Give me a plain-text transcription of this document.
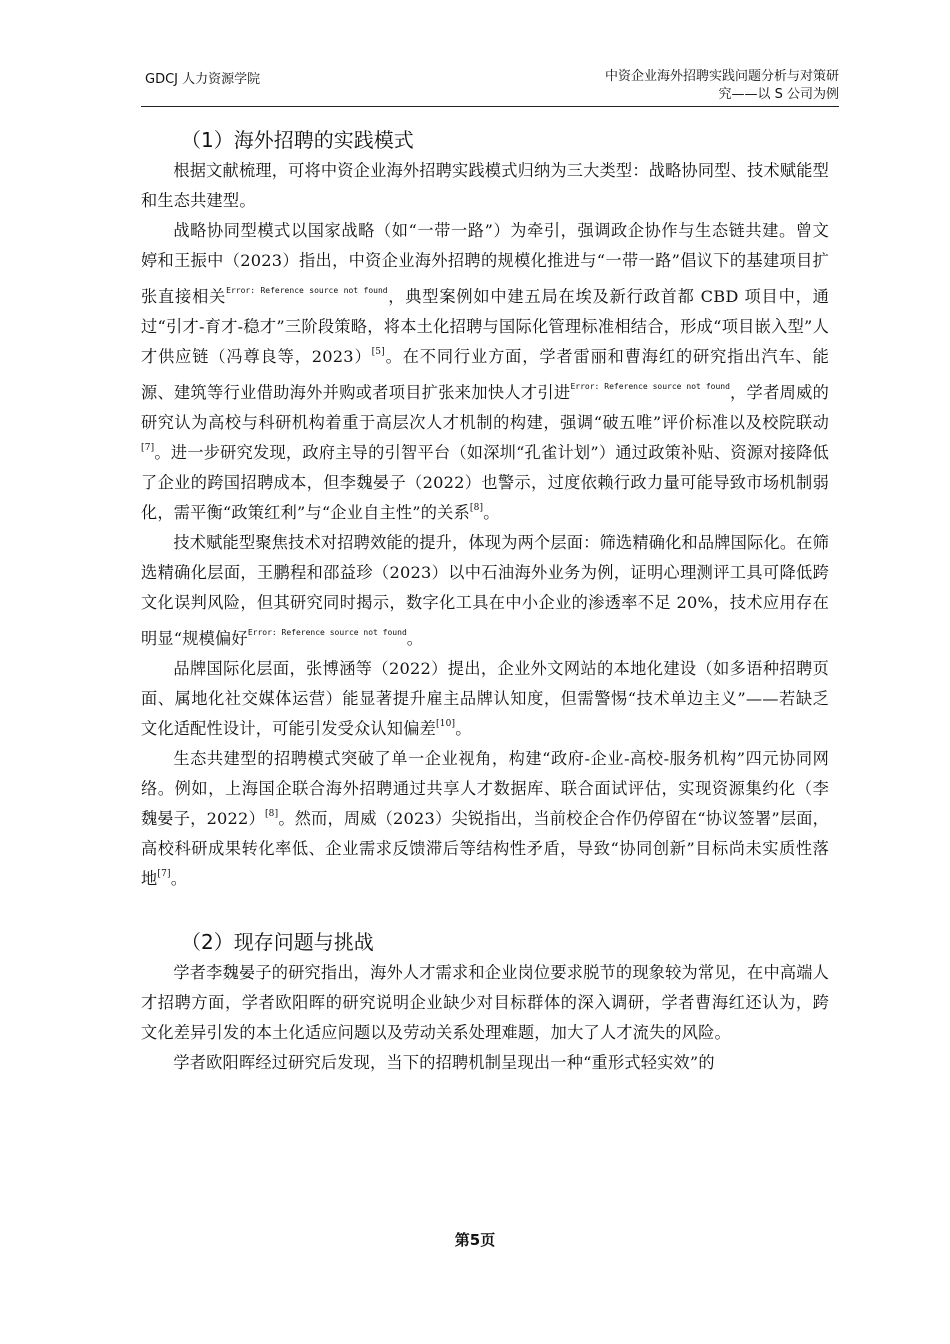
GDCJ 人力资源学院	中资企业海外招聘实践问题分析与对策研
究——以 S 公司为例
（1）海外招聘的实践模式

根据文献梳理，可将中资企业海外招聘实践模式归纳为三大类型：战略协同型、技术赋能型和生态共建型。

战略协同型模式以国家战略（如“一带一路”）为牵引，强调政企协作与生态链共建。曾文婷和王振中（2023）指出，中资企业海外招聘的规模化推进与“一带一路”倡议下的基建项目扩张直接相关$^{Error: Reference source not found}$，典型案例如中建五局在埃及新行政首都 CBD 项目中，通过“引才-育才-稳才”三阶段策略，将本土化招聘与国际化管理标准相结合，形成“项目嵌入型”人才供应链（冯尊良等，2023）[5]。在不同行业方面，学者雷丽和曹海红的研究指出汽车、能源、建筑等行业借助海外并购或者项目扩张来加快人才引进$^{Error: Reference source not found}$，学者周威的研究认为高校与科研机构着重于高层次人才机制的构建，强调“破五唯”评价标准以及校院联动[7]。进一步研究发现，政府主导的引智平台（如深圳“孔雀计划”）通过政策补贴、资源对接降低了企业的跨国招聘成本，但李魏晏子（2022）也警示，过度依赖行政力量可能导致市场机制弱化，需平衡“政策红利”与“企业自主性”的关系[8]。

技术赋能型聚焦技术对招聘效能的提升，体现为两个层面：筛选精确化和品牌国际化。在筛选精确化层面，王鹏程和邵益珍（2023）以中石油海外业务为例，证明心理测评工具可降低跨文化误判风险，但其研究同时揭示，数字化工具在中小企业的渗透率不足 20%，技术应用存在明显“规模偏好$^{Error: Reference source not found}$。

品牌国际化层面，张博涵等（2022）提出，企业外文网站的本地化建设（如多语种招聘页面、属地化社交媒体运营）能显著提升雇主品牌认知度，但需警惕“技术单边主义”——若缺乏文化适配性设计，可能引发受众认知偏差[10]。

生态共建型的招聘模式突破了单一企业视角，构建“政府-企业-高校-服务机构”四元协同网络。例如，上海国企联合海外招聘通过共享人才数据库、联合面试评估，实现资源集约化（李魏晏子，2022）[8]。然而，周威（2023）尖锐指出，当前校企合作仍停留在“协议签署”层面，高校科研成果转化率低、企业需求反馈滞后等结构性矛盾，导致“协同创新”目标尚未实质性落地[7]。

（2）现存问题与挑战

学者李魏晏子的研究指出，海外人才需求和企业岗位要求脱节的现象较为常见，在中高端人才招聘方面，学者欧阳晖的研究说明企业缺少对目标群体的深入调研，学者曹海红还认为，跨文化差异引发的本土化适应问题以及劳动关系处理难题，加大了人才流失的风险。

学者欧阳晖经过研究后发现，当下的招聘机制呈现出一种“重形式轻实效”的

第5页
